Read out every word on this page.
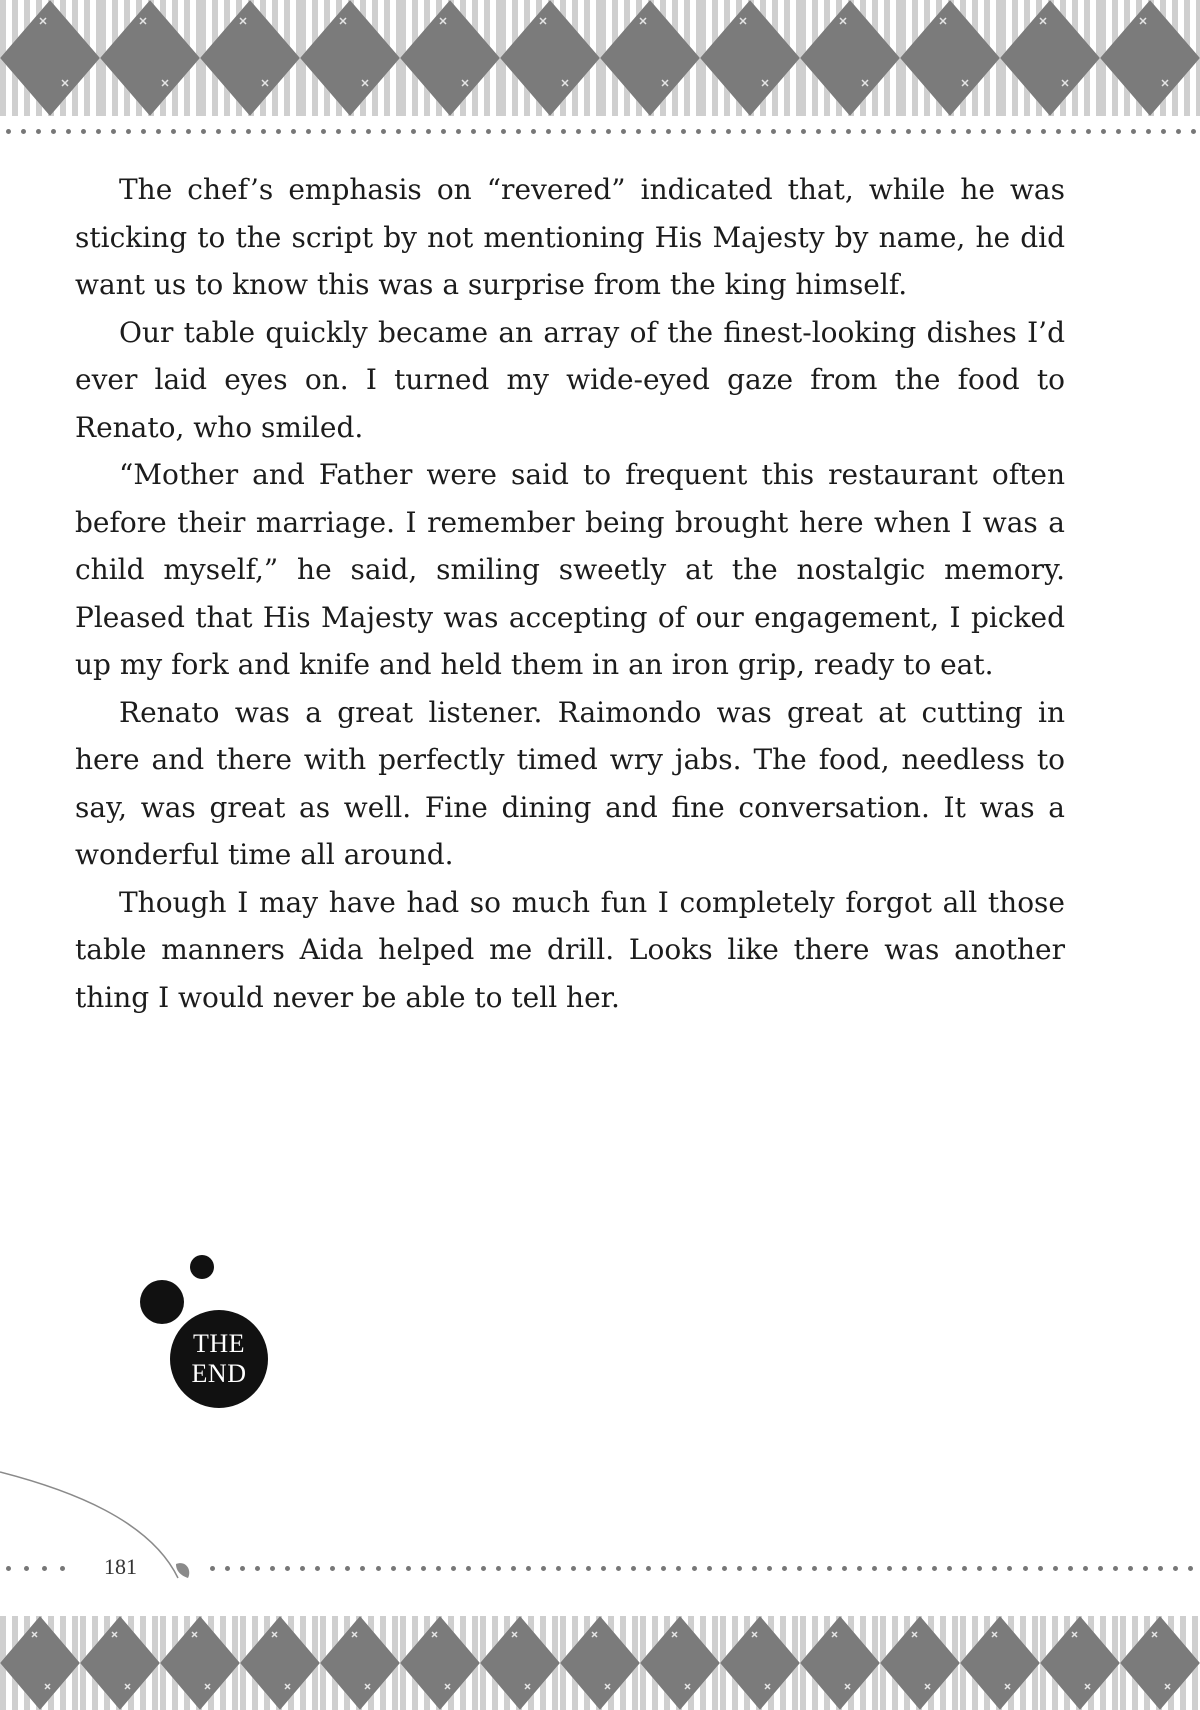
The chef’s emphasis on “revered” indicated that, while he was sticking to the script by not mentioning His Majesty by name, he did want us to know this was a surprise from the king himself.

Our table quickly became an array of the finest-looking dishes I’d ever laid eyes on. I turned my wide-eyed gaze from the food to Renato, who smiled.

“Mother and Father were said to frequent this restaurant often before their marriage. I remember being brought here when I was a child myself,” he said, smiling sweetly at the nostalgic memory. Pleased that His Majesty was accepting of our engagement, I picked up my fork and knife and held them in an iron grip, ready to eat.

Renato was a great listener. Raimondo was great at cutting in here and there with perfectly timed wry jabs. The food, needless to say, was great as well. Fine dining and fine conversation. It was a wonderful time all around.

Though I may have had so much fun I completely forgot all those table manners Aida helped me drill. Looks like there was another thing I would never be able to tell her.

THE
END
181
